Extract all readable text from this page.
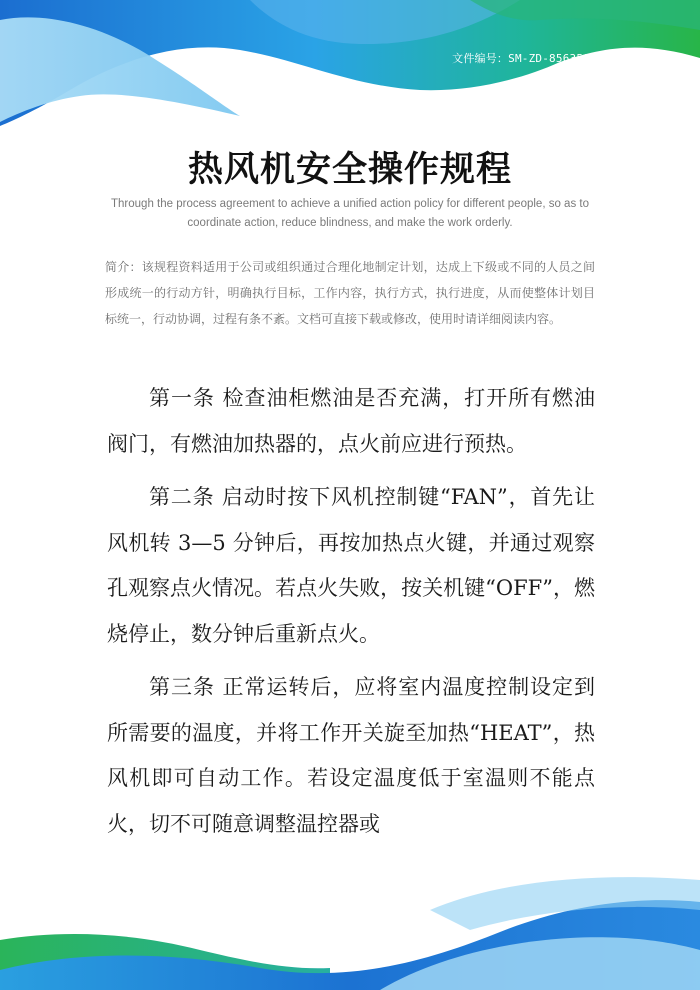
文件编号：SM-ZD-856359
热风机安全操作规程

Through the process agreement to achieve a unified action policy for different people, so as to coordinate action, reduce blindness, and make the work orderly.

简介：该规程资料适用于公司或组织通过合理化地制定计划，达成上下级或不同的人员之间形成统一的行动方针，明确执行目标，工作内容，执行方式，执行进度，从而使整体计划目标统一，行动协调，过程有条不紊。文档可直接下载或修改，使用时请详细阅读内容。

第一条 检查油柜燃油是否充满，打开所有燃油阀门，有燃油加热器的，点火前应进行预热。

第二条 启动时按下风机控制键“FAN”，首先让风机转 3—5 分钟后，再按加热点火键，并通过观察孔观察点火情况。若点火失败，按关机键“OFF”，燃烧停止，数分钟后重新点火。

第三条 正常运转后，应将室内温度控制设定到所需要的温度，并将工作开关旋至加热“HEAT”，热风机即可自动工作。若设定温度低于室温则不能点火，切不可随意调整温控器或
